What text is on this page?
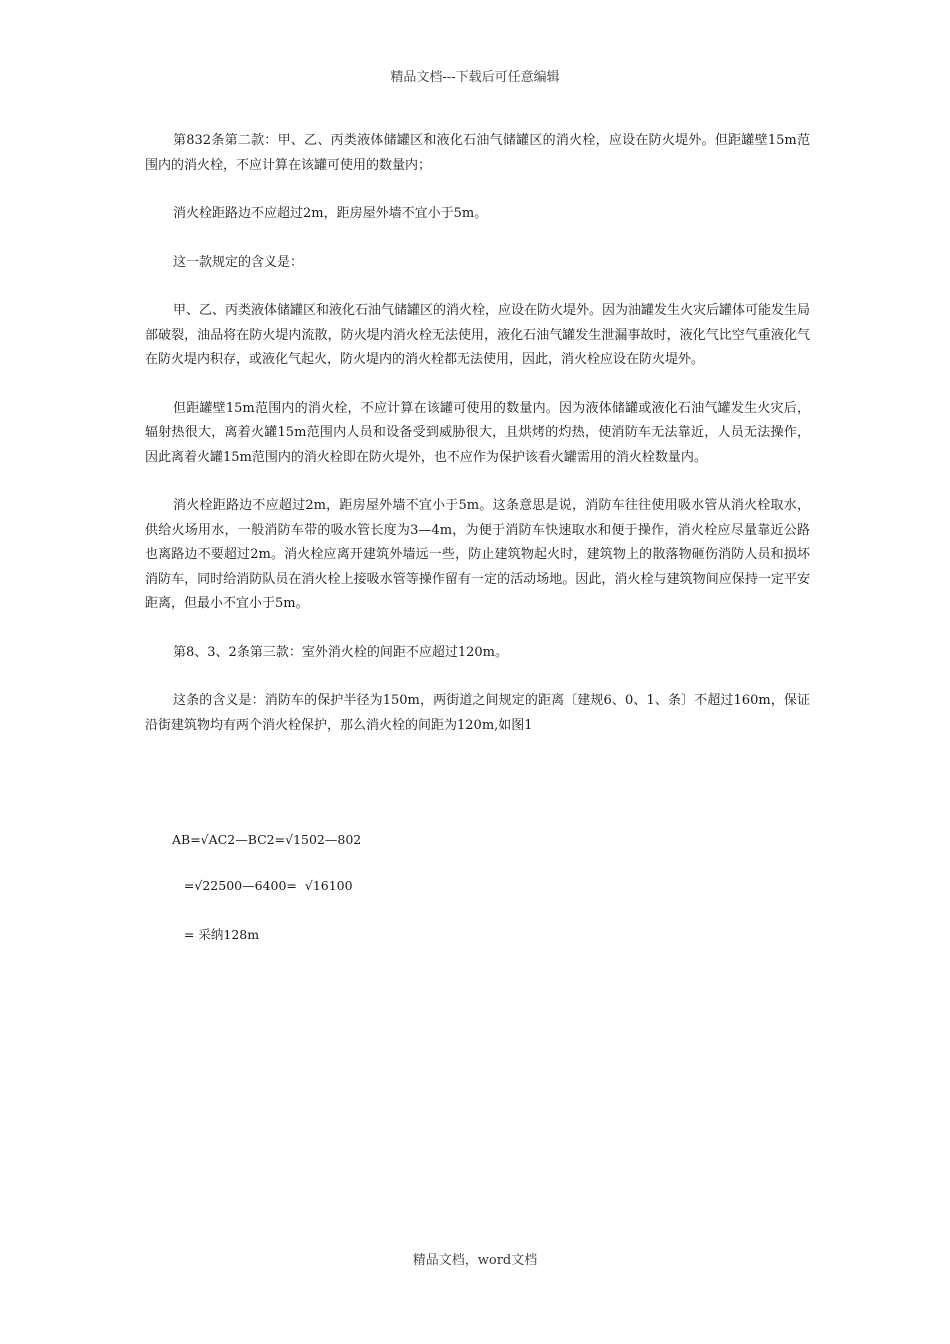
精品文档---下载后可任意编辑

第832条第二款：甲、乙、丙类液体储罐区和液化石油气储罐区的消火栓，应设在防火堤外。但距罐壁15m范围内的消火栓，不应计算在该罐可使用的数量内；

消火栓距路边不应超过2m，距房屋外墙不宜小于5m。

这一款规定的含义是：

甲、乙、丙类液体储罐区和液化石油气储罐区的消火栓，应设在防火堤外。因为油罐发生火灾后罐体可能发生局部破裂，油品将在防火堤内流散，防火堤内消火栓无法使用，液化石油气罐发生泄漏事故时，液化气比空气重液化气在防火堤内积存，或液化气起火，防火堤内的消火栓都无法使用，因此，消火栓应设在防火堤外。

但距罐壁15m范围内的消火栓，不应计算在该罐可使用的数量内。因为液体储罐或液化石油气罐发生火灾后，辐射热很大，离着火罐15m范围内人员和设备受到威胁很大，且烘烤的灼热，使消防车无法靠近，人员无法操作，因此离着火罐15m范围内的消火栓即在防火堤外，也不应作为保护该看火罐需用的消火栓数量内。

消火栓距路边不应超过2m，距房屋外墙不宜小于5m。这条意思是说，消防车往往使用吸水管从消火栓取水，供给火场用水，一般消防车带的吸水管长度为3—4m，为便于消防车快速取水和便于操作，消火栓应尽量靠近公路也离路边不要超过2m。消火栓应离开建筑外墙远一些，防止建筑物起火时，建筑物上的散落物砸伤消防人员和损坏消防车，同时给消防队员在消火栓上接吸水管等操作留有一定的活动场地。因此，消火栓与建筑物间应保持一定平安距离，但最小不宜小于5m。

第8、3、2条第三款：室外消火栓的间距不应超过120m。

这条的含义是：消防车的保护半径为150m，两街道之间规定的距离〔建规6、0、1、条〕不超过160m，保证沿街建筑物均有两个消火栓保护，那么消火栓的间距为120m,如图1

AB=√AC2—BC2=√1502—802
=√22500—6400=  √16100
= 采纳128m
精品文档，word文档
